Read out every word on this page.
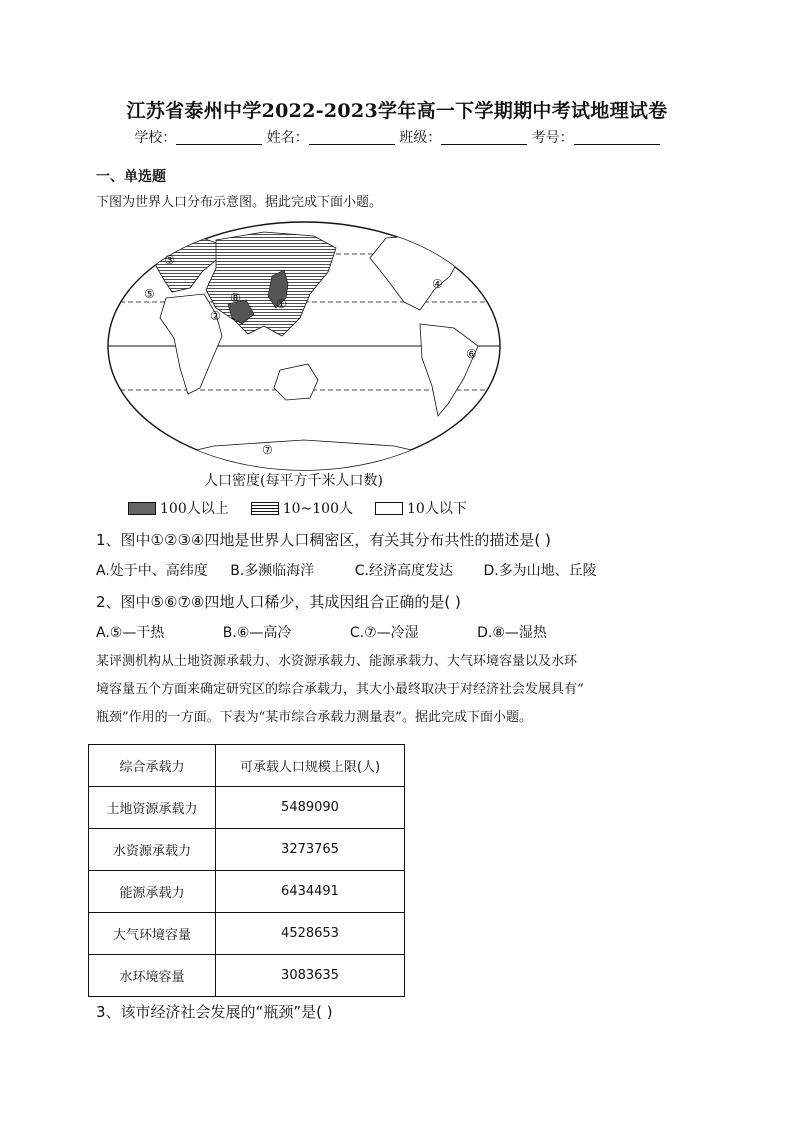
江苏省泰州中学2022-2023学年高一下学期期中考试地理试卷
学校：	姓名：	班级：	考号：
一、单选题
下图为世界人口分布示意图。据此完成下面小题。
①
②
③
④
⑤
⑥
⑦
⑧
人口密度(每平方千米人口数)
100人以上	10~100人	10人以下
1、图中①②③④四地是世界人口稠密区，有关其分布共性的描述是( )
A.处于中、高纬度 B.多濒临海洋	C.经济高度发达 D.多为山地、丘陵
2、图中⑤⑥⑦⑧四地人口稀少，其成因组合正确的是( )
A.⑤—干热	B.⑥—高冷	C.⑦—冷湿	D.⑧—湿热
某评测机构从土地资源承载力、水资源承载力、能源承载力、大气环境容量以及水环
境容量五个方面来确定研究区的综合承载力，其大小最终取决于对经济社会发展具有“
瓶颈”作用的一方面。下表为“某市综合承载力测量表”。据此完成下面小题。
综合承载力	可承载人口规模上限(人)
土地资源承载力	5489090
水资源承载力	3273765
能源承载力	6434491
大气环境容量	4528653
水环境容量	3083635
3、该市经济社会发展的“瓶颈”是( )
